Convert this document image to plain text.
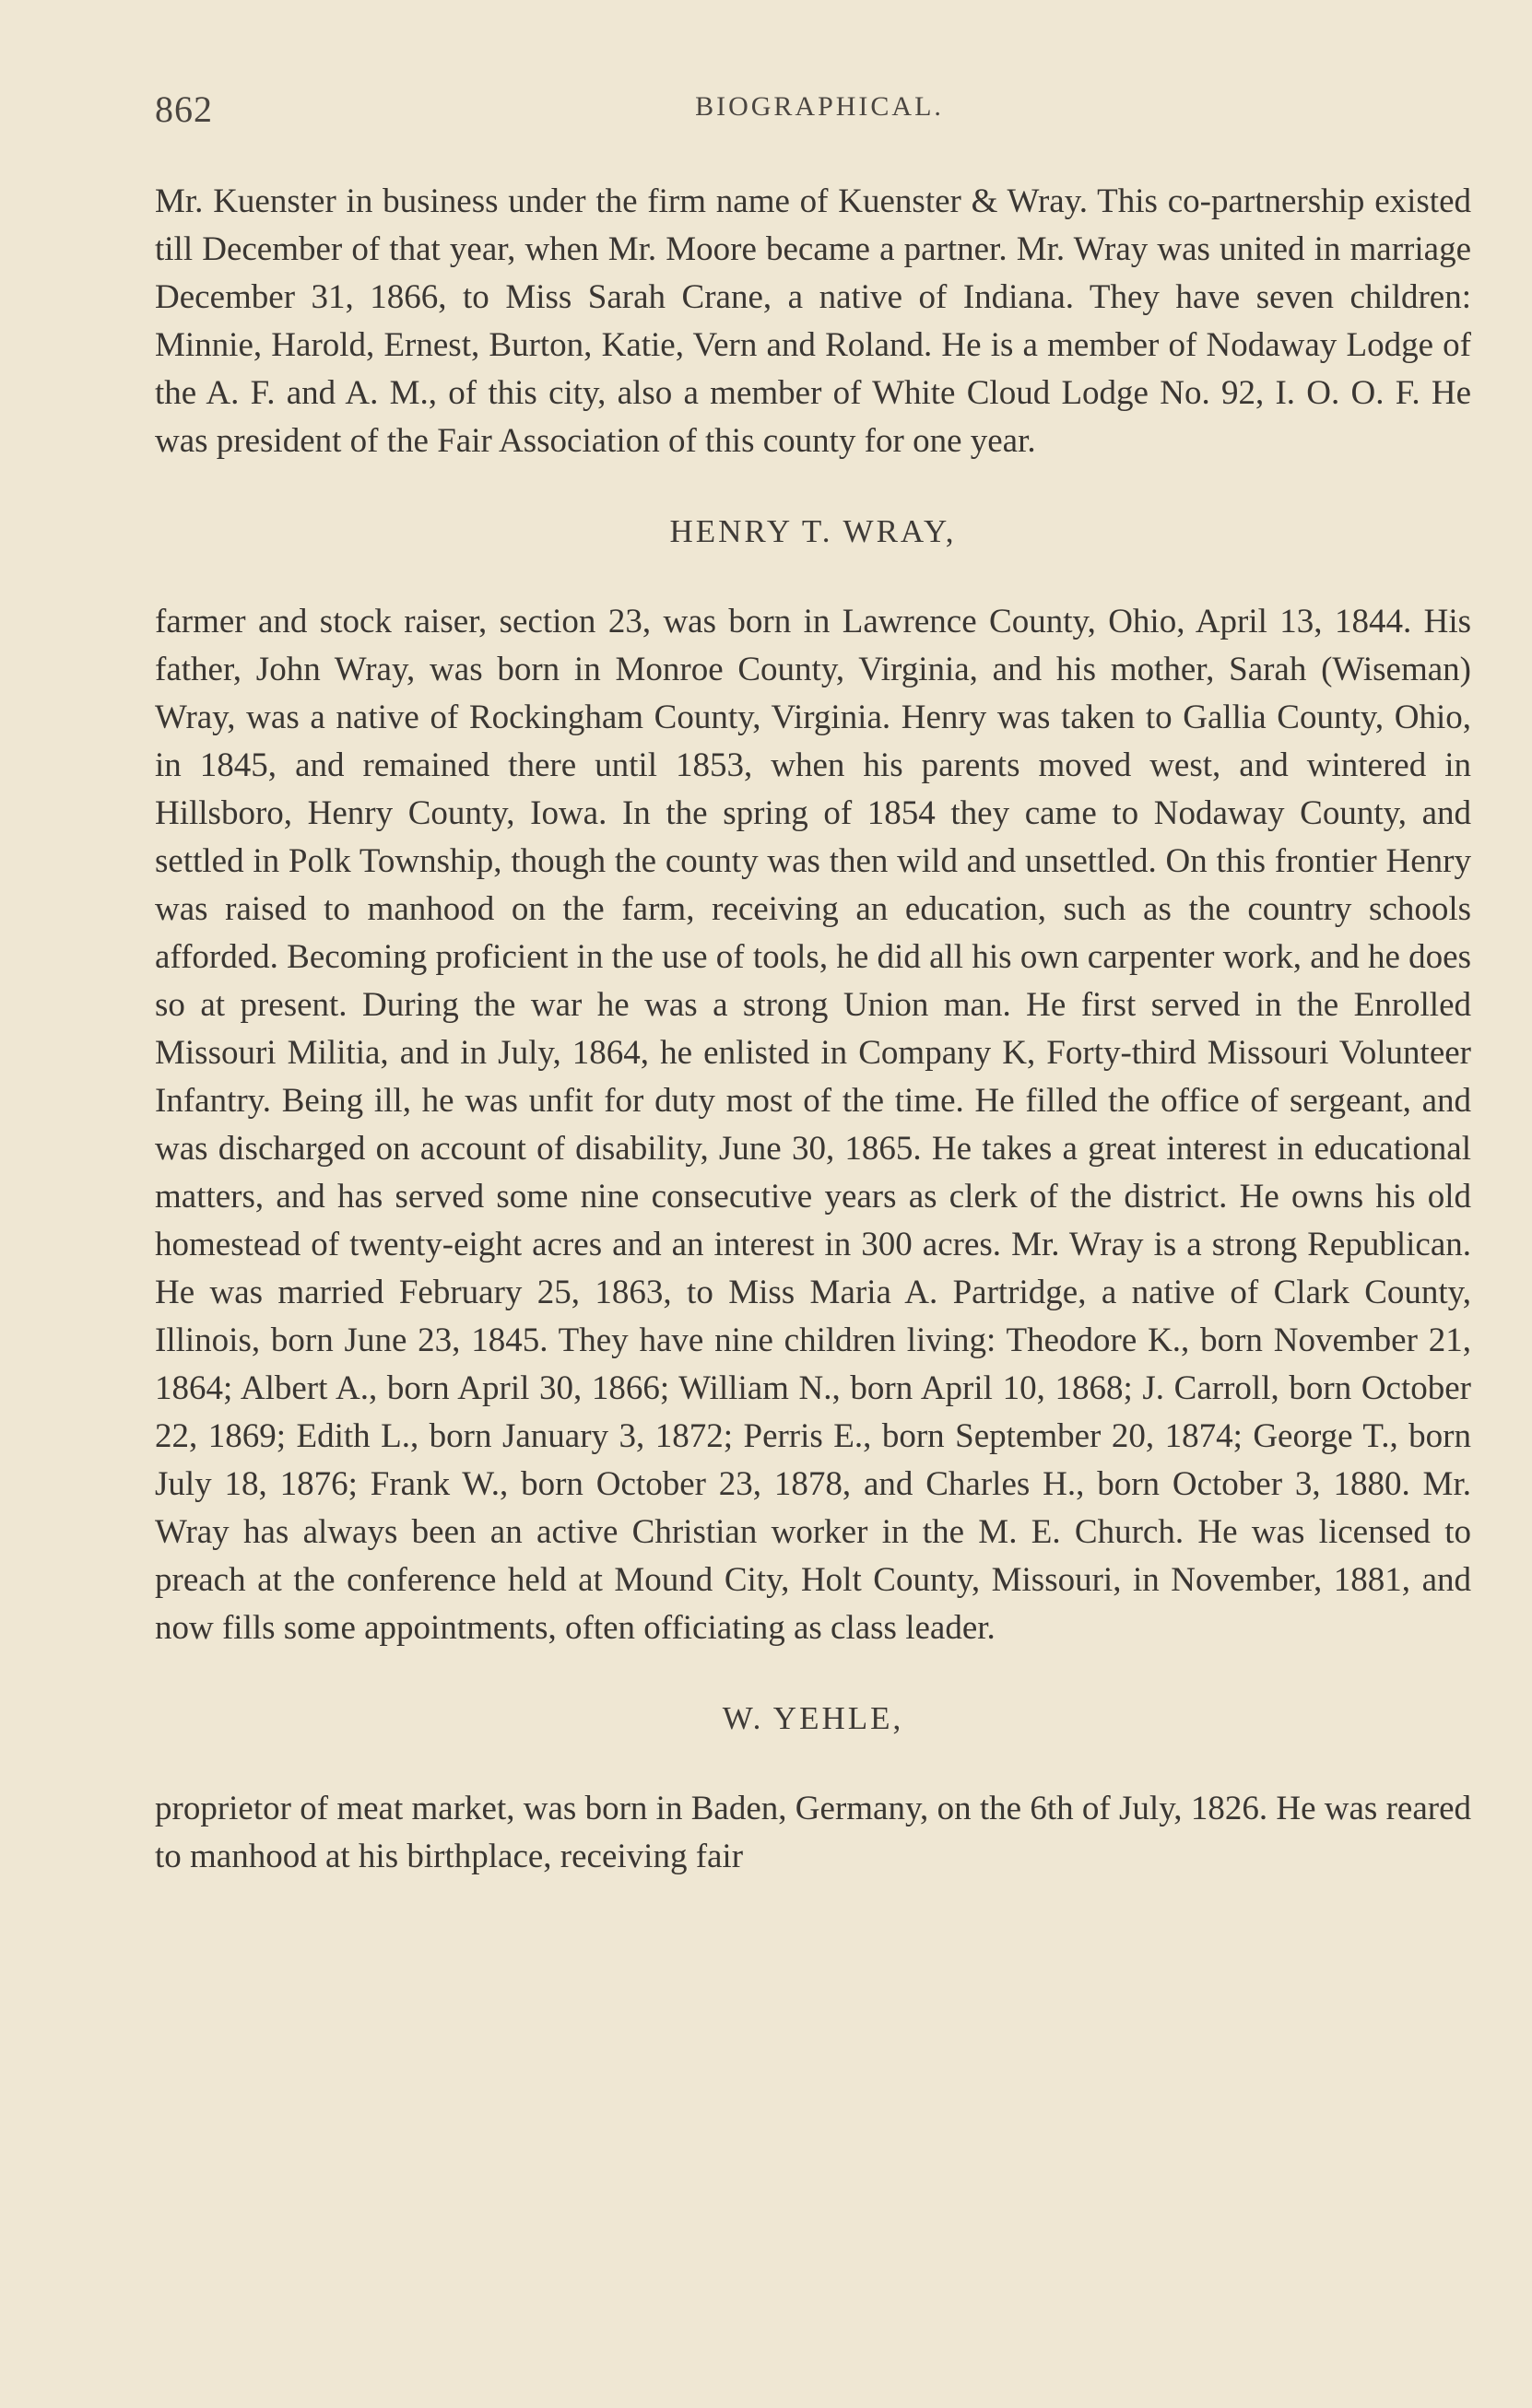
862	BIOGRAPHICAL.

Mr. Kuenster in business under the firm name of Kuenster & Wray. This co-partnership existed till December of that year, when Mr. Moore became a partner. Mr. Wray was united in marriage December 31, 1866, to Miss Sarah Crane, a native of Indiana. They have seven children: Minnie, Harold, Ernest, Burton, Katie, Vern and Roland. He is a member of Nodaway Lodge of the A. F. and A. M., of this city, also a member of White Cloud Lodge No. 92, I. O. O. F. He was president of the Fair Association of this county for one year.

HENRY T. WRAY,

farmer and stock raiser, section 23, was born in Lawrence County, Ohio, April 13, 1844. His father, John Wray, was born in Monroe County, Virginia, and his mother, Sarah (Wiseman) Wray, was a native of Rockingham County, Virginia. Henry was taken to Gallia County, Ohio, in 1845, and remained there until 1853, when his parents moved west, and wintered in Hillsboro, Henry County, Iowa. In the spring of 1854 they came to Nodaway County, and settled in Polk Township, though the county was then wild and unsettled. On this frontier Henry was raised to manhood on the farm, receiving an education, such as the country schools afforded. Becoming proficient in the use of tools, he did all his own carpenter work, and he does so at present. During the war he was a strong Union man. He first served in the Enrolled Missouri Militia, and in July, 1864, he enlisted in Company K, Forty-third Missouri Volunteer Infantry. Being ill, he was unfit for duty most of the time. He filled the office of sergeant, and was discharged on account of disability, June 30, 1865. He takes a great interest in educational matters, and has served some nine consecutive years as clerk of the district. He owns his old homestead of twenty-eight acres and an interest in 300 acres. Mr. Wray is a strong Republican. He was married February 25, 1863, to Miss Maria A. Partridge, a native of Clark County, Illinois, born June 23, 1845. They have nine children living: Theodore K., born November 21, 1864; Albert A., born April 30, 1866; William N., born April 10, 1868; J. Carroll, born October 22, 1869; Edith L., born January 3, 1872; Perris E., born September 20, 1874; George T., born July 18, 1876; Frank W., born October 23, 1878, and Charles H., born October 3, 1880. Mr. Wray has always been an active Christian worker in the M. E. Church. He was licensed to preach at the conference held at Mound City, Holt County, Missouri, in November, 1881, and now fills some appointments, often officiating as class leader.

W. YEHLE,

proprietor of meat market, was born in Baden, Germany, on the 6th of July, 1826. He was reared to manhood at his birthplace, receiving fair
